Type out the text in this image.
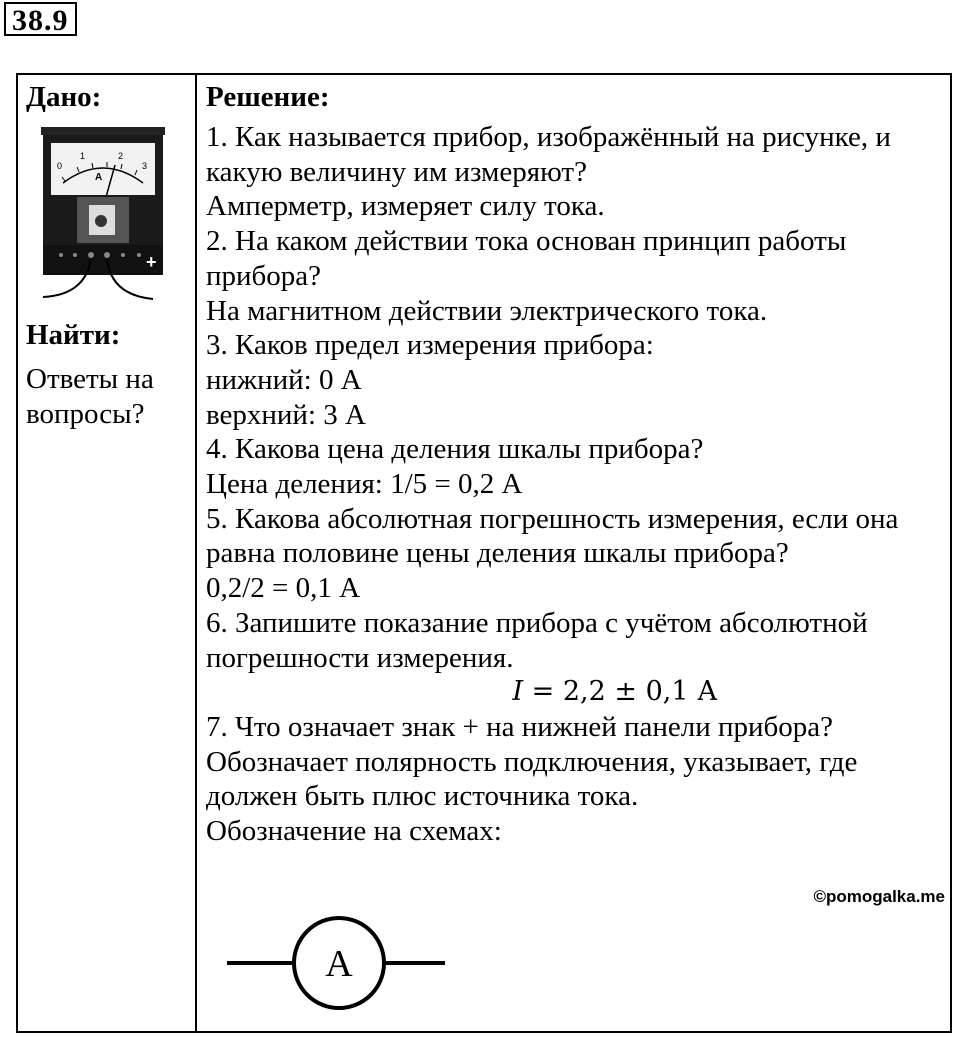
38.9
Дано:
0
1	2
3
A
+
Найти:
Ответы на
вопросы?
Решение:
1. Как называется прибор, изображённый на рисунке, и
какую величину им измеряют?
Амперметр, измеряет силу тока.
2. На каком действии тока основан принцип работы
прибора?
На магнитном действии электрического тока.
3. Каков предел измерения прибора:
нижний: 0 А
верхний: 3 А
4. Какова цена деления шкалы прибора?
Цена деления: 1/5 = 0,2 А
5. Какова абсолютная погрешность измерения, если она
равна половине цены деления шкалы прибора?
0,2/2 = 0,1 А
6. Запишите показание прибора с учётом абсолютной
погрешности измерения.
I = 2,2 ± 0,1 А
7. Что означает знак + на нижней панели прибора?
Обозначает полярность подключения, указывает, где
должен быть плюс источника тока.
Обозначение на схемах:
©pomogalka.me
A
